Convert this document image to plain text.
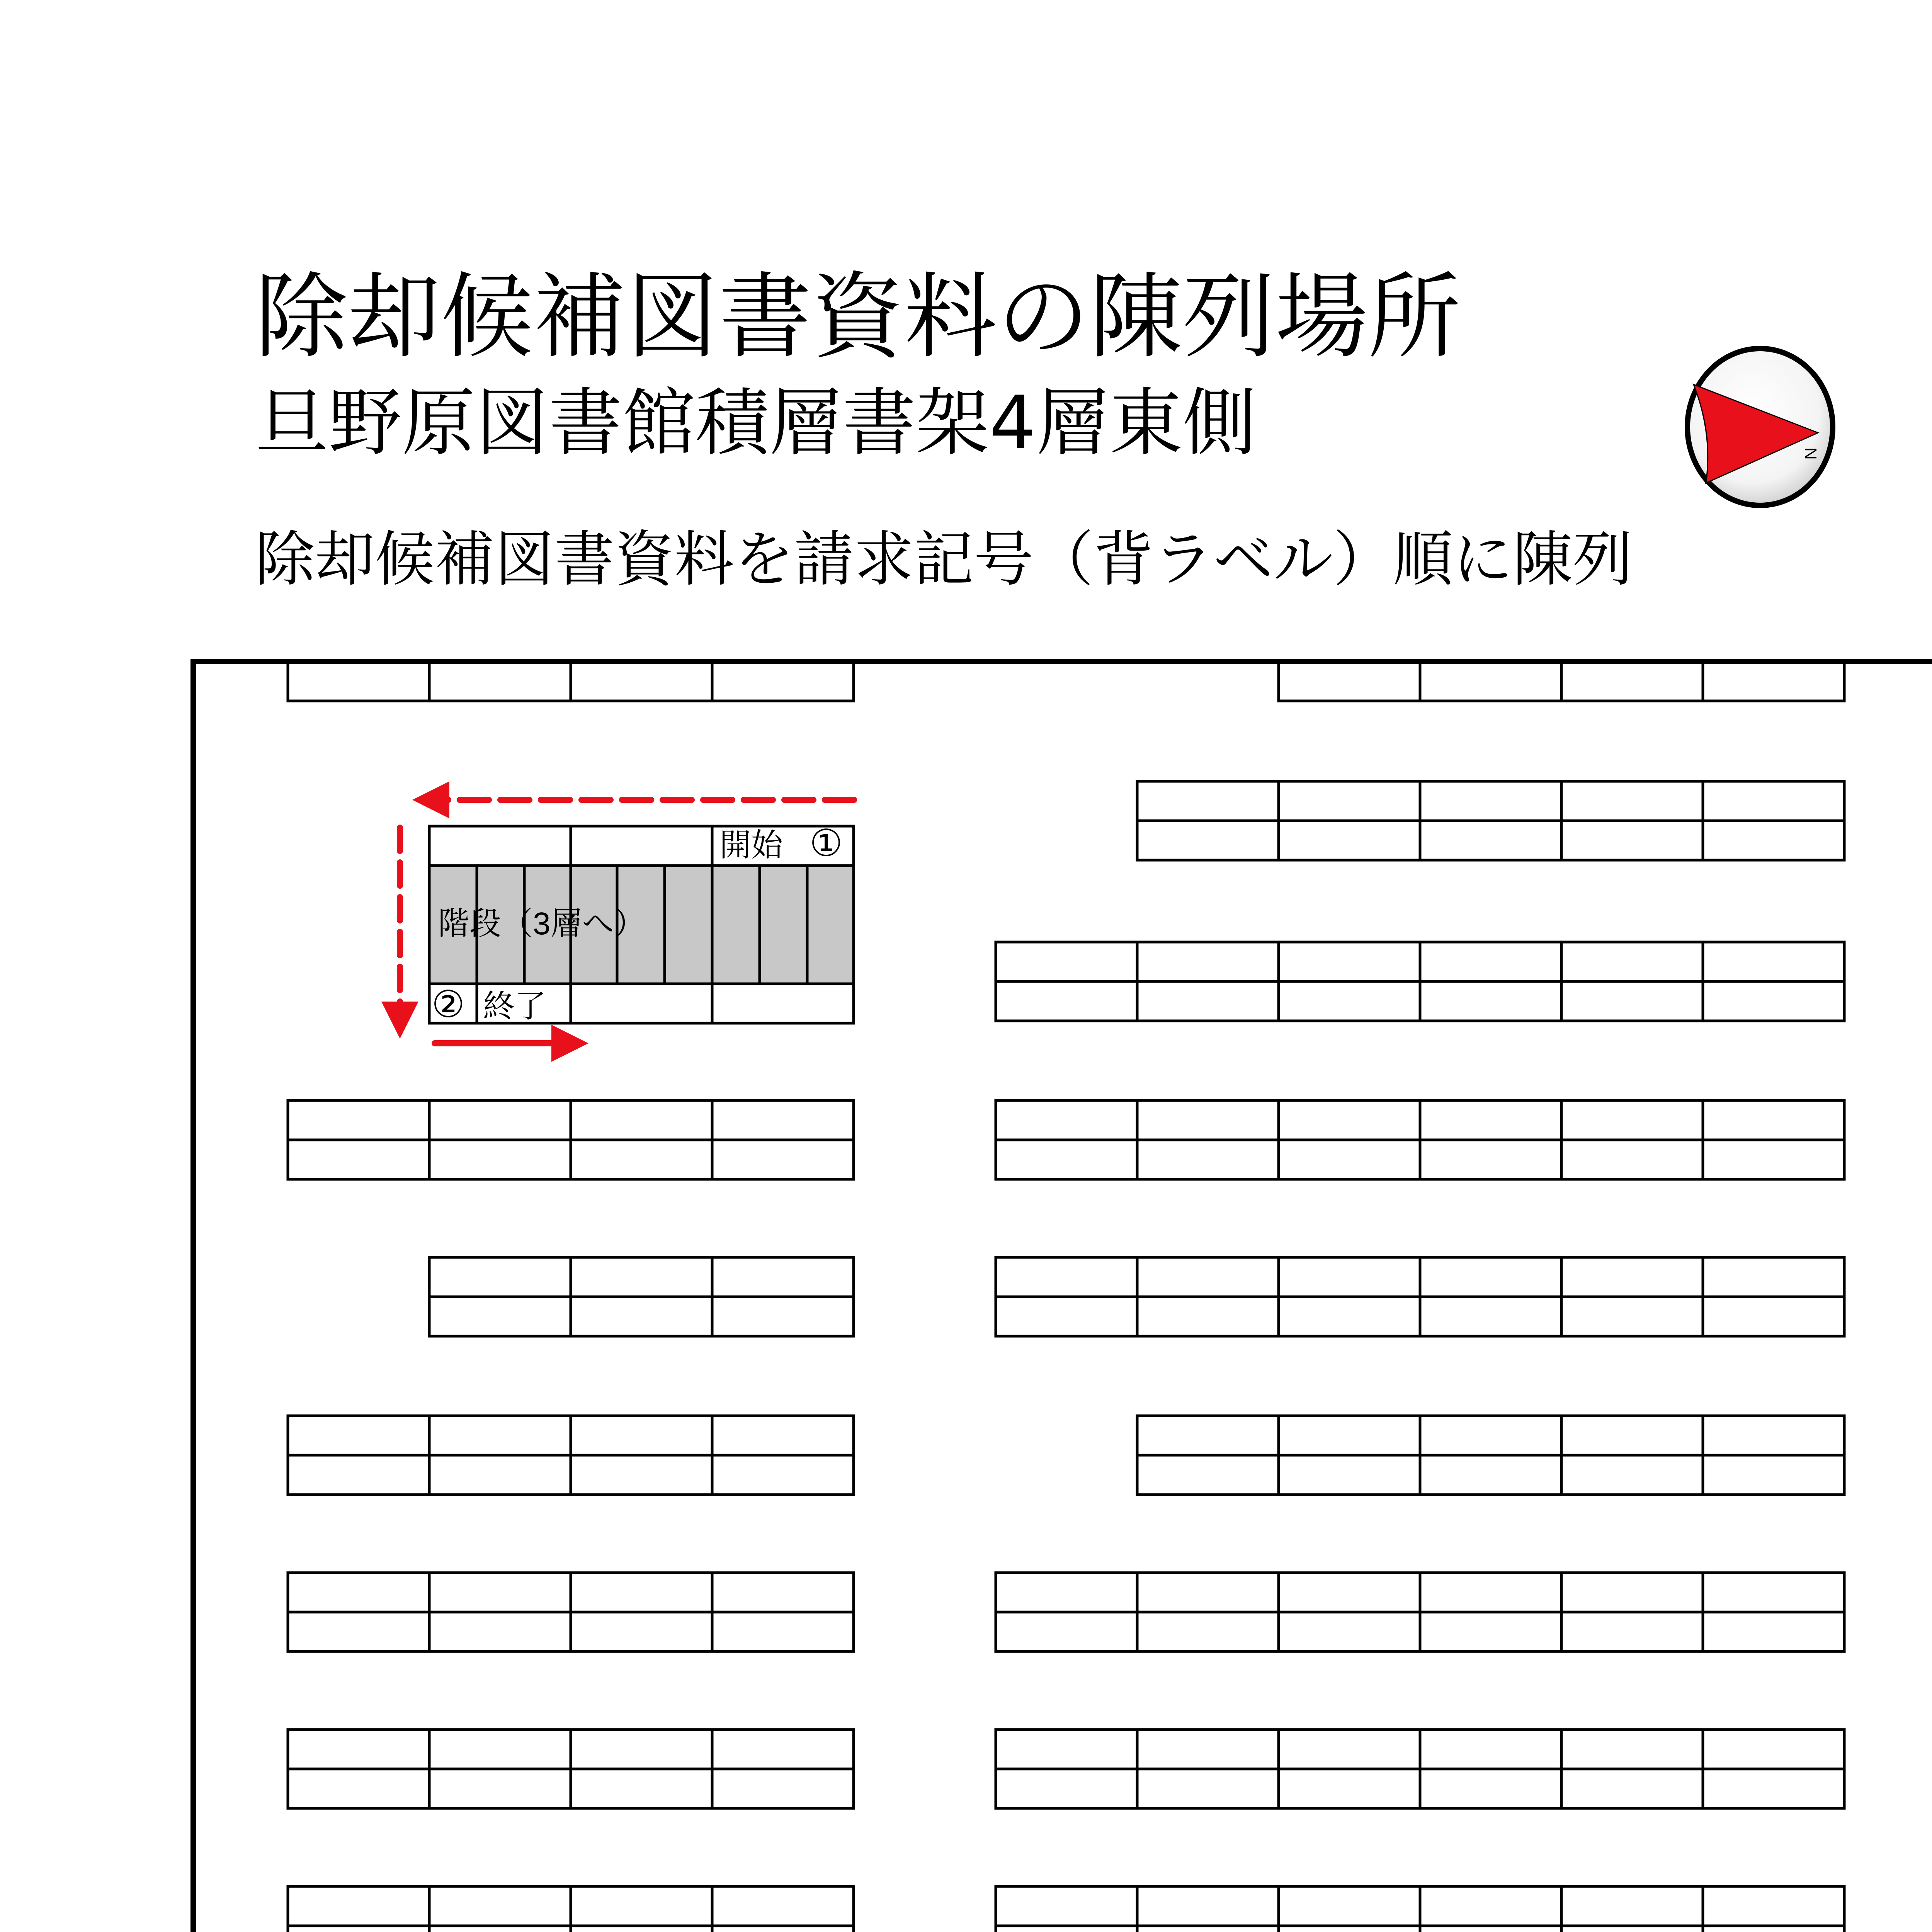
除却候補図書資料の陳列場所
旦野原図書館積層書架4層東側
除却候補図書資料を請求記号（背ラベル）順に陳列
N
階段（3層へ）
開始 ①
② 終了
